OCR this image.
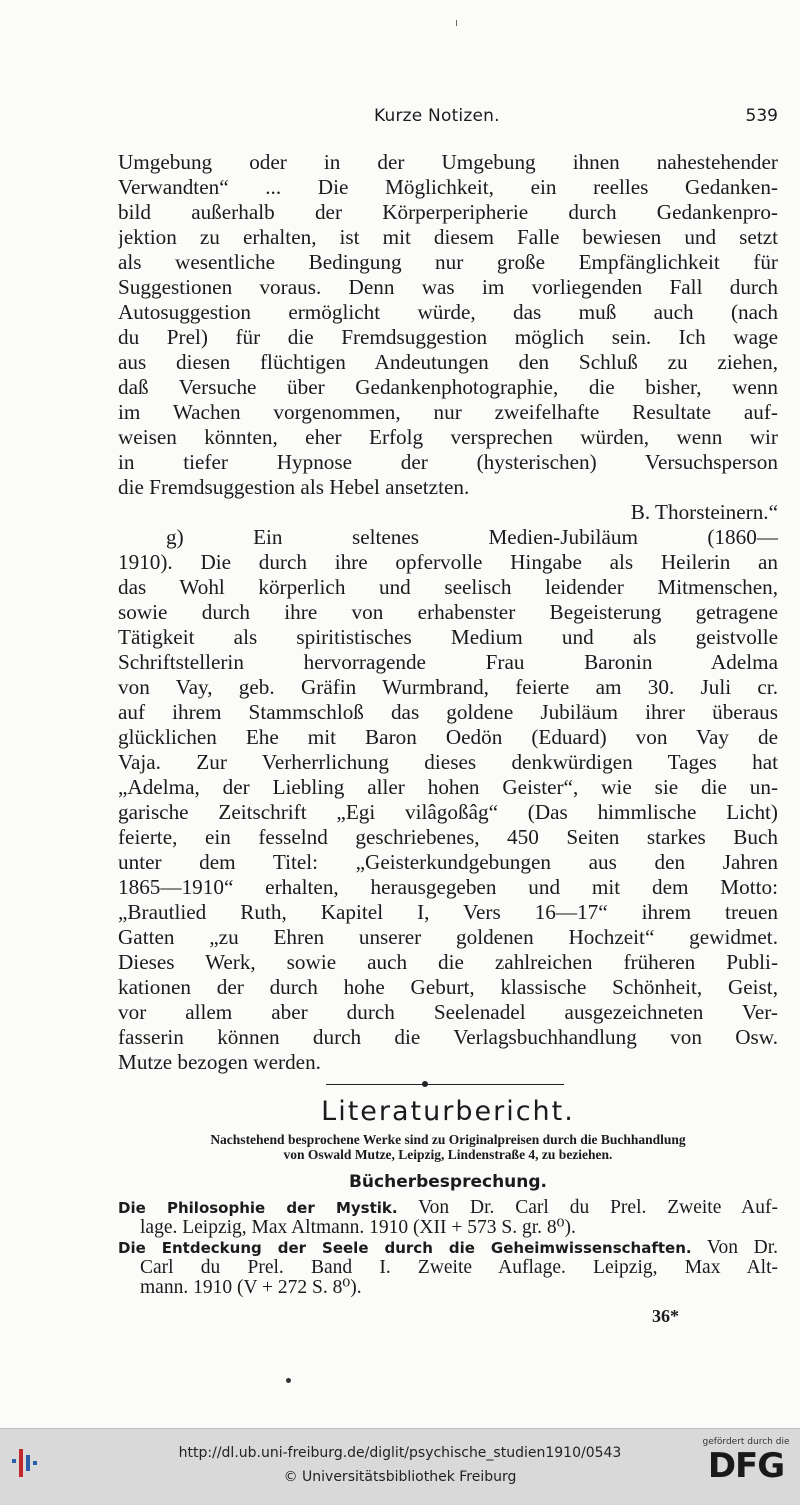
Kurze Notizen.	539
Umgebung oder in der Umgebung ihnen nahestehender
Verwandten“ ... Die Möglichkeit, ein reelles Gedanken-
bild außerhalb der Körperperipherie durch Gedankenpro-
jektion zu erhalten, ist mit diesem Falle bewiesen und setzt
als wesentliche Bedingung nur große Empfänglichkeit für
Suggestionen voraus. Denn was im vorliegenden Fall durch
Autosuggestion ermöglicht würde, das muß auch (nach
du Prel) für die Fremdsuggestion möglich sein. Ich wage
aus diesen flüchtigen Andeutungen den Schluß zu ziehen,
daß Versuche über Gedankenphotographie, die bisher, wenn
im Wachen vorgenommen, nur zweifelhafte Resultate auf-
weisen könnten, eher Erfolg versprechen würden, wenn wir
in tiefer Hypnose der (hysterischen) Versuchsperson
die Fremdsuggestion als Hebel ansetzten.
B. Thorsteinern.“
g) Ein seltenes Medien-Jubiläum (1860—
1910). Die durch ihre opfervolle Hingabe als Heilerin an
das Wohl körperlich und seelisch leidender Mitmenschen,
sowie durch ihre von erhabenster Begeisterung getragene
Tätigkeit als spiritistisches Medium und als geistvolle
Schriftstellerin hervorragende Frau Baronin Adelma
von Vay, geb. Gräfin Wurmbrand, feierte am 30. Juli cr.
auf ihrem Stammschloß das goldene Jubiläum ihrer überaus
glücklichen Ehe mit Baron Oedön (Eduard) von Vay de
Vaja. Zur Verherrlichung dieses denkwürdigen Tages hat
„Adelma, der Liebling aller hohen Geister“, wie sie die un-
garische Zeitschrift „Egi vilâgoßâg“ (Das himmlische Licht)
feierte, ein fesselnd geschriebenes, 450 Seiten starkes Buch
unter dem Titel: „Geisterkundgebungen aus den Jahren
1865—1910“ erhalten, herausgegeben und mit dem Motto:
„Brautlied Ruth, Kapitel I, Vers 16—17“ ihrem treuen
Gatten „zu Ehren unserer goldenen Hochzeit“ gewidmet.
Dieses Werk, sowie auch die zahlreichen früheren Publi-
kationen der durch hohe Geburt, klassische Schönheit, Geist,
vor allem aber durch Seelenadel ausgezeichneten Ver-
fasserin können durch die Verlagsbuchhandlung von Osw.
Mutze bezogen werden.
Literaturbericht.
Nachstehend besprochene Werke sind zu Originalpreisen durch die Buchhandlung
von Oswald Mutze, Leipzig, Lindenstraße 4, zu beziehen.
Bücherbesprechung.
Die Philosophie der Mystik. Von Dr. Carl du Prel. Zweite Auf-
lage. Leipzig, Max Altmann. 1910 (XII + 573 S. gr. 8⁰).
Die Entdeckung der Seele durch die Geheimwissenschaften. Von Dr.
Carl du Prel. Band I. Zweite Auflage. Leipzig, Max Alt-
mann. 1910 (V + 272 S. 8⁰).
36*
http://dl.ub.uni-freiburg.de/diglit/psychische_studien1910/0543
© Universitätsbibliothek Freiburg
gefördert durch die
DFG
